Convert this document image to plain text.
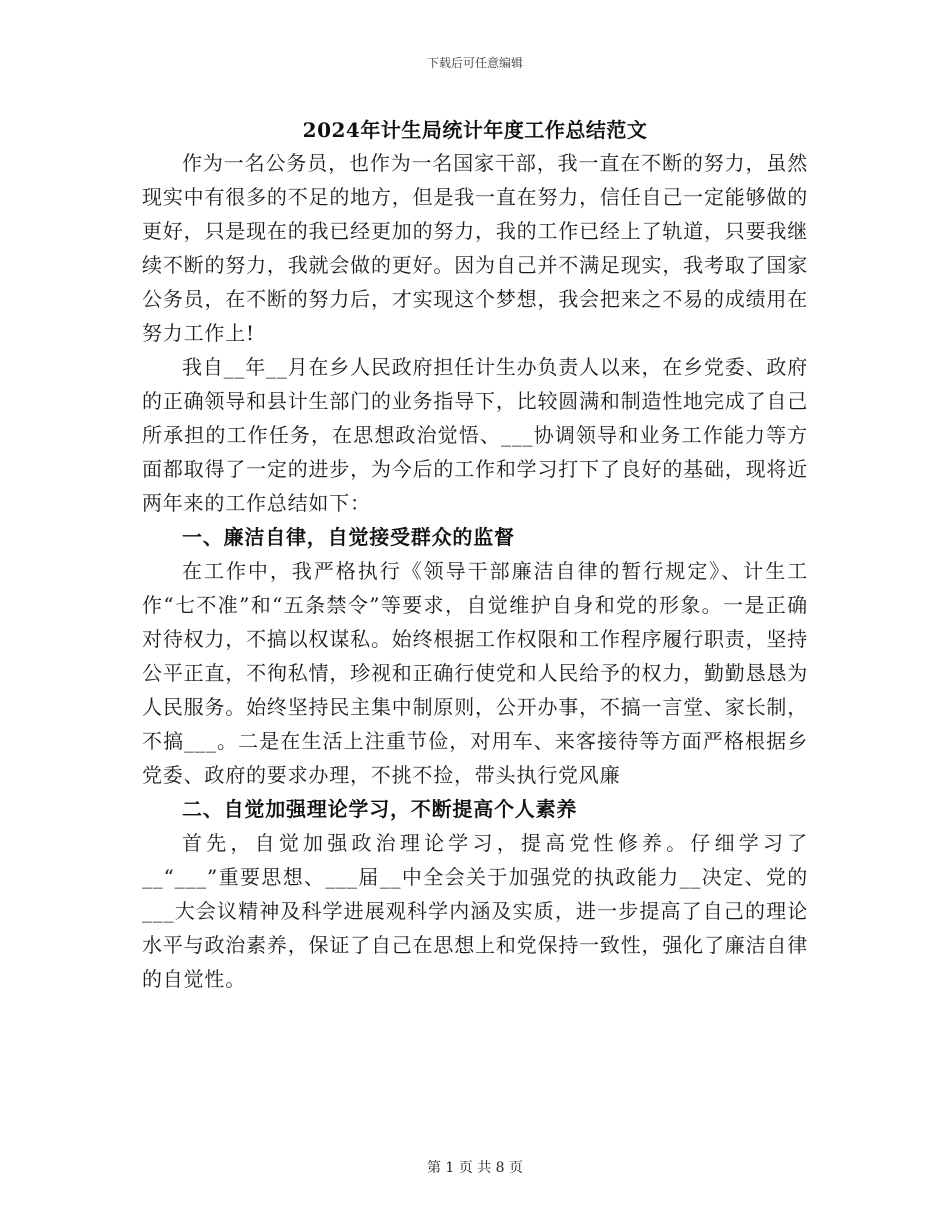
下载后可任意编辑
2024年计生局统计年度工作总结范文

作为一名公务员，也作为一名国家干部，我一直在不断的努力，虽然现实中有很多的不足的地方，但是我一直在努力，信任自己一定能够做的更好，只是现在的我已经更加的努力，我的工作已经上了轨道，只要我继续不断的努力，我就会做的更好。因为自己并不满足现实，我考取了国家公务员，在不断的努力后，才实现这个梦想，我会把来之不易的成绩用在努力工作上!

我自__年__月在乡人民政府担任计生办负责人以来，在乡党委、政府的正确领导和县计生部门的业务指导下，比较圆满和制造性地完成了自己所承担的工作任务，在思想政治觉悟、___协调领导和业务工作能力等方面都取得了一定的进步，为今后的工作和学习打下了良好的基础，现将近两年来的工作总结如下：

一、廉洁自律，自觉接受群众的监督

在工作中，我严格执行《领导干部廉洁自律的暂行规定》、计生工作“七不准”和“五条禁令”等要求，自觉维护自身和党的形象。一是正确对待权力，不搞以权谋私。始终根据工作权限和工作程序履行职责，坚持公平正直，不徇私情，珍视和正确行使党和人民给予的权力，勤勤恳恳为人民服务。始终坚持民主集中制原则，公开办事，不搞一言堂、家长制，不搞___。二是在生活上注重节俭，对用车、来客接待等方面严格根据乡党委、政府的要求办理，不挑不捡，带头执行党风廉

二、自觉加强理论学习，不断提高个人素养

首先，自觉加强政治理论学习，提高党性修养。仔细学习了__“___”重要思想、___届__中全会关于加强党的执政能力__决定、党的___大会议精神及科学进展观科学内涵及实质，进一步提高了自己的理论水平与政治素养，保证了自己在思想上和党保持一致性，强化了廉洁自律的自觉性。

第 1 页 共 8 页
